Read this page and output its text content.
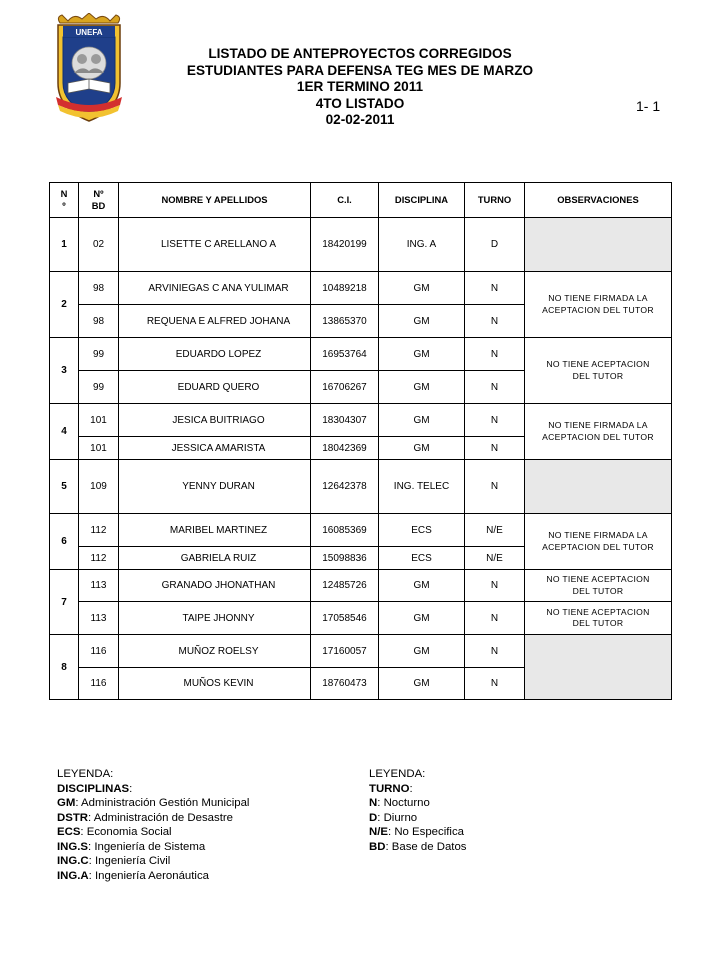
UNEFA
LISTADO DE ANTEPROYECTOS CORREGIDOS
ESTUDIANTES PARA DEFENSA TEG MES DE MARZO
1ER TERMINO 2011
4TO LISTADO
02-02-2011
1- 1
N º	Nº BD	NOMBRE Y APELLIDOS	C.I.	DISCIPLINA	TURNO	OBSERVACIONES
1	02	LISETTE C ARELLANO A	18420199	ING. A	D	
2	98	ARVINIEGAS C ANA YULIMAR	10489218	GM	N	NO TIENE FIRMADA LA ACEPTACION DEL TUTOR

	98	REQUENA E ALFRED JOHANA	13865370	GM	N	
3	99	EDUARDO LOPEZ	16953764	GM	N	NO TIENE ACEPTACION DEL TUTOR

	99	EDUARD QUERO	16706267	GM	N	
4	101	JESICA BUITRIAGO	18304307	GM	N	NO TIENE FIRMADA LA ACEPTACION DEL TUTOR

	101	JESSICA AMARISTA	18042369	GM	N	
5	109	YENNY DURAN	12642378	ING. TELEC	N	
6	112	MARIBEL MARTINEZ	16085369	ECS	N/E	NO TIENE FIRMADA LA ACEPTACION DEL TUTOR

	112	GABRIELA RUIZ	15098836	ECS	N/E	
7	113	GRANADO JHONATHAN	12485726	GM	N	NO TIENE ACEPTACION DEL TUTOR

	113	TAIPE JHONNY	17058546	GM	N	NO TIENE ACEPTACION DEL TUTOR

8	116	MUÑOZ ROELSY	17160057	GM	N	
	116	MUÑOS KEVIN	18760473	GM	N	
LEYENDA:
DISCIPLINAS:
GM: Administración Gestión Municipal
DSTR: Administración de Desastre
ECS: Economia Social
ING.S: Ingeniería de Sistema
ING.C: Ingeniería Civil
ING.A: Ingeniería Aeronáutica
LEYENDA:
TURNO:
N: Nocturno
D: Diurno
N/E: No Especifica
BD: Base de Datos
